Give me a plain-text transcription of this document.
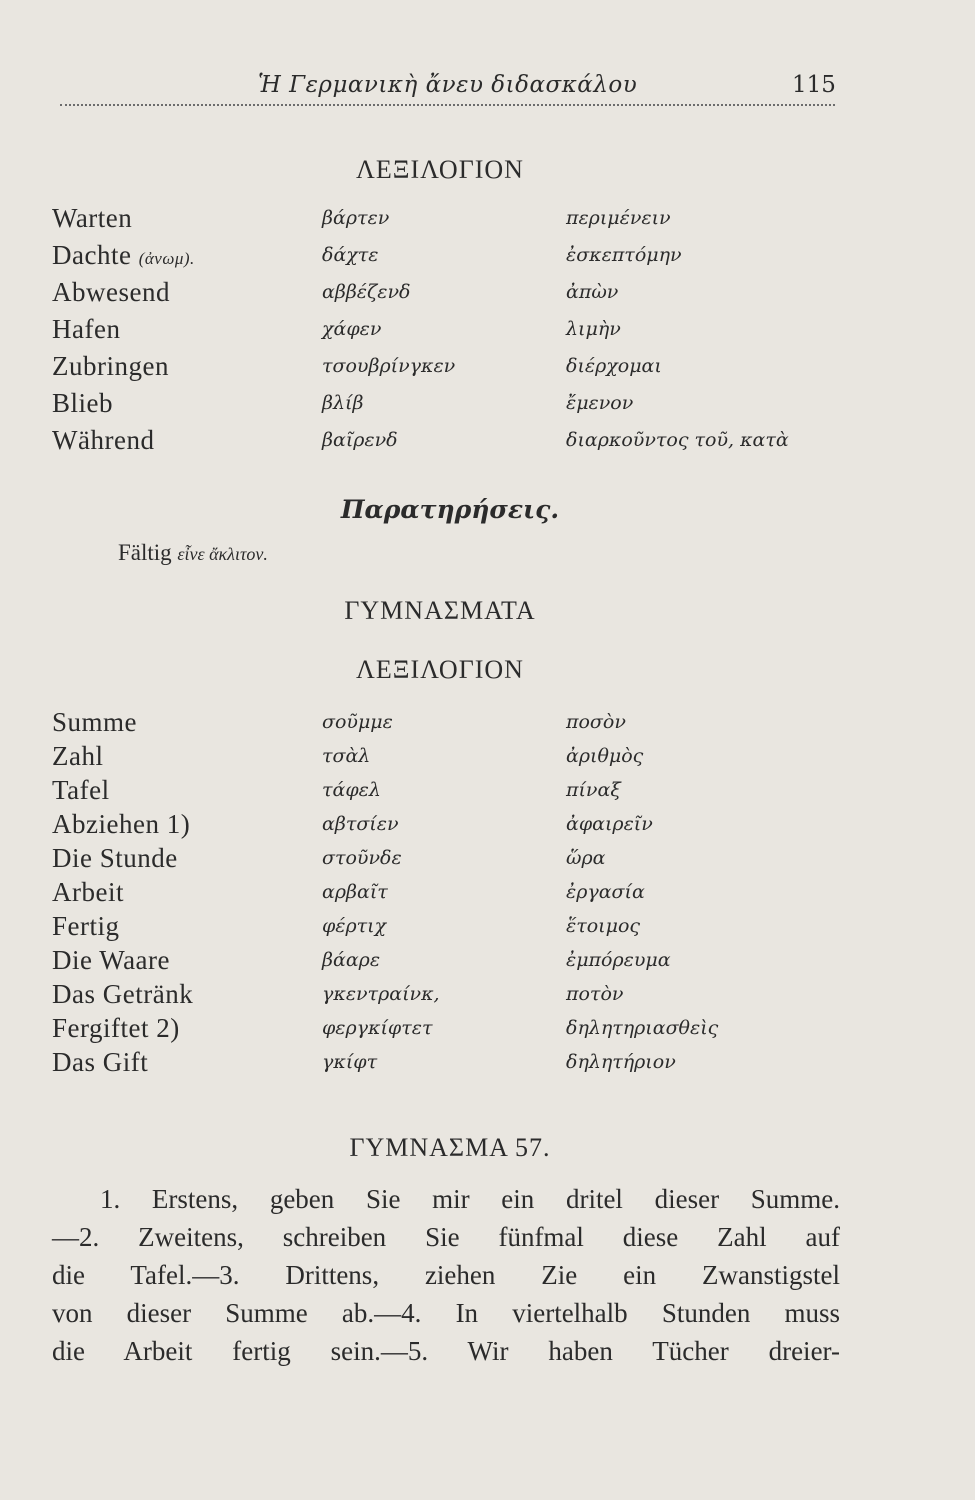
Ἡ Γερμανικὴ ἄνευ διδασκάλου	115
ΛΕΞΙΛΟΓΙΟΝ
Warten	βάρτεν	περιμένειν
Dachte (ἀνωμ).	δάχτε	ἐσκεπτόμην
Abwesend	αββέζενδ	ἀπὼν
Hafen	χάφεν	λιμὴν
Zubringen	τσουβρίνγκεν	διέρχομαι
Blieb	βλίβ	ἔμενον
Während	βαῖρενδ	διαρκοῦντος τοῦ, κατὰ
Παρατηρήσεις.
Fältig εἶνε ἄκλιτον.
ΓΥΜΝΑΣΜΑΤΑ
ΛΕΞΙΛΟΓΙΟΝ
Summe	σοῦμμε	ποσὸν
Zahl	τσὰλ	ἀριθμὸς
Tafel	τάφελ	πίναξ
Abziehen 1)	αβτσίεν	ἀφαιρεῖν
Die Stunde	στοῦνδε	ὥρα
Arbeit	αρβαῖτ	ἐργασία
Fertig	φέρτιχ	ἕτοιμος
Die Waare	βάαρε	ἐμπόρευμα
Das Getränk	γκεντραίνκ,	ποτὸν
Fergiftet 2)	φεργκίφτετ	δηλητηριασθεὶς
Das Gift	γκίφτ	δηλητήριον
ΓΥΜΝΑΣΜΑ 57.
1. Erstens, geben Sie mir ein dritel dieser Summe.
—2. Zweitens, schreiben Sie fünfmal diese Zahl auf
die Tafel.—3. Drittens, ziehen Zie ein Zwanstigstel
von dieser Summe ab.—4. In viertelhalb Stunden muss
die Arbeit fertig sein.—5. Wir haben Tücher dreier-
